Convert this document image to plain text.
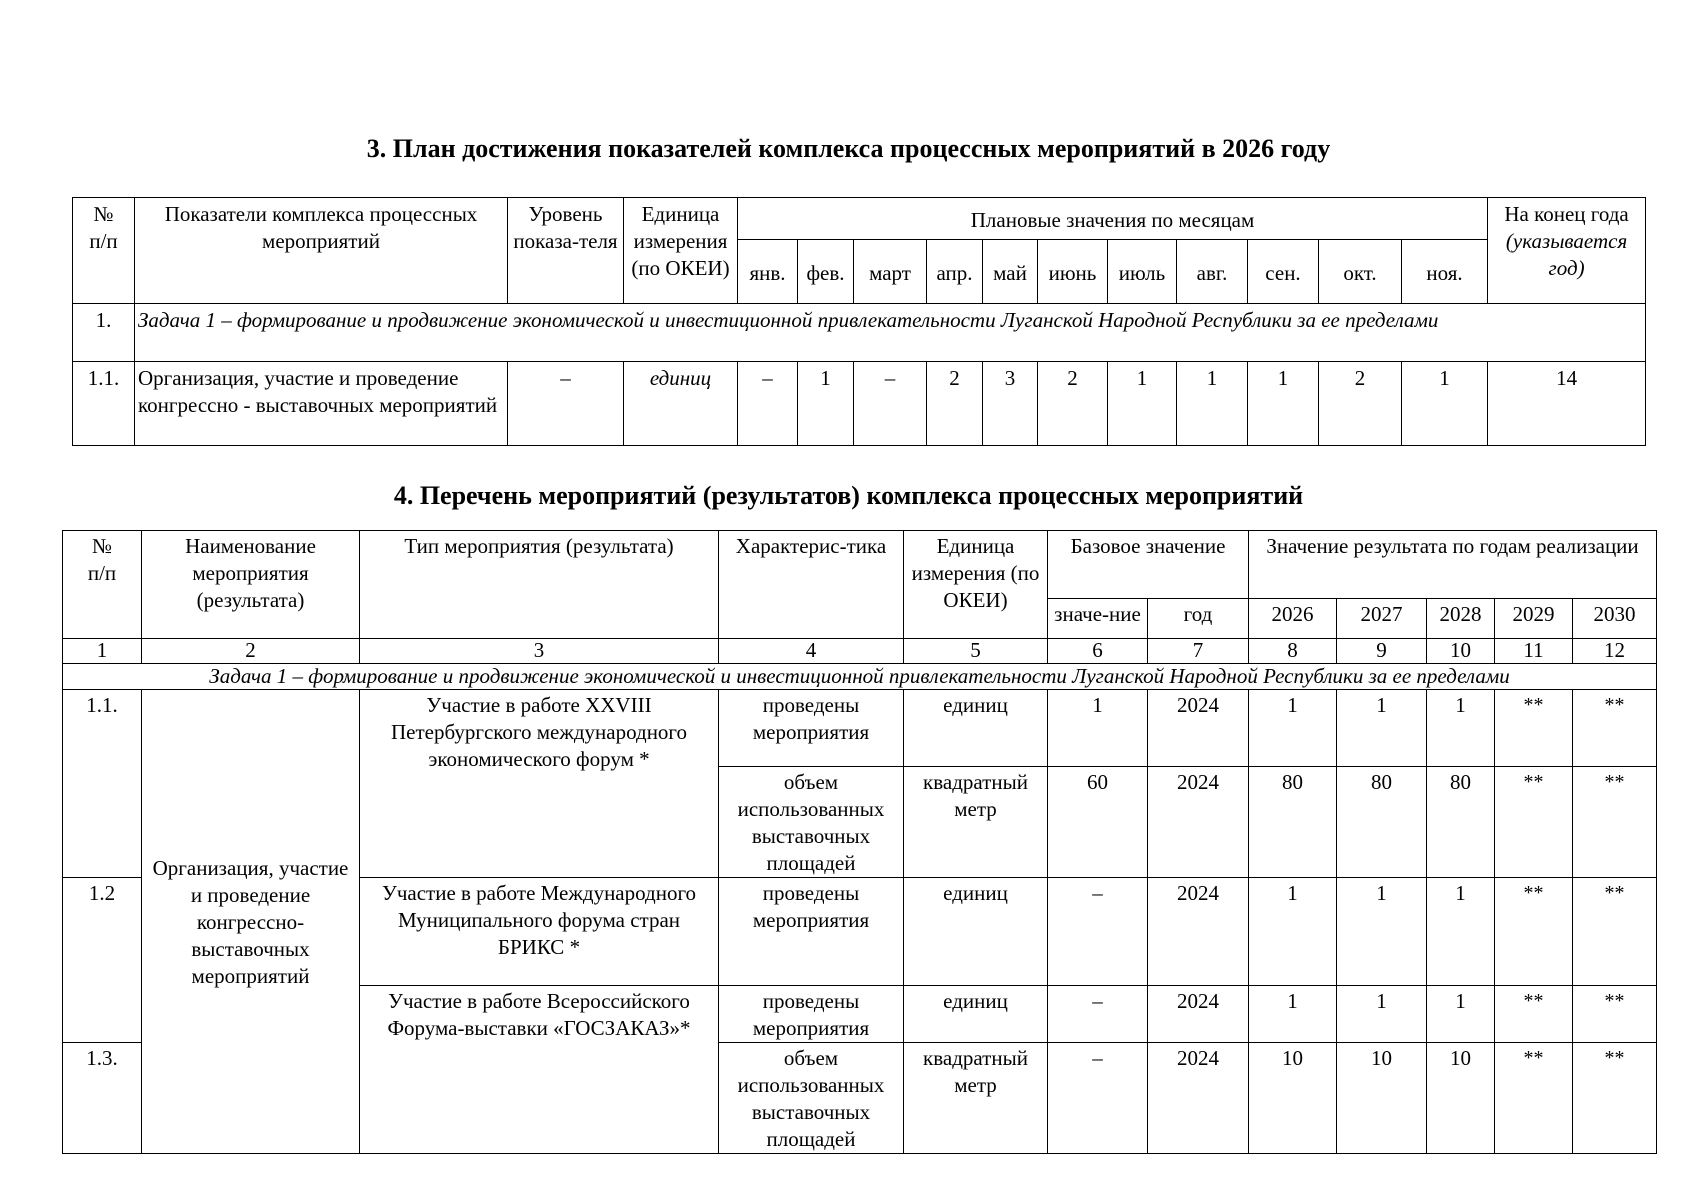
3. План достижения показателей комплекса процессных мероприятий в 2026 году
№
п/п	Показатели комплекса процессных мероприятий	Уровень показа-теля	Единица измерения (по ОКЕИ)	Плановые значения по месяцам											На конец года
(указывается год)
				янв.	фев.	март	апр.	май	июнь	июль	авг.	сен.	окт.	ноя.	
1.	Задача 1 – формирование и продвижение экономической и инвестиционной привлекательности Луганской Народной Республики за ее пределами														
1.1.	Организация, участие и проведение конгрессно - выставочных мероприятий	–	единиц	–	1	–	2	3	2	1	1	1	2	1	14
4. Перечень мероприятий (результатов) комплекса процессных мероприятий
№
п/п	Наименование мероприятия (результата)	Тип мероприятия (результата)	Характерис-тика	Единица измерения (по ОКЕИ)	Базовое значение		Значение результата по годам реализации				
					значе-ние	год	2026	2027	2028	2029	2030
1	2	3	4	5	6	7	8	9	10	11	12
Задача 1 – формирование и продвижение экономической и инвестиционной привлекательности Луганской Народной Республики за ее пределами											
1.1.	Организация, участие и проведение конгрессно-выставочных мероприятий	Участие в работе XXVIII Петербургского международного экономического форум *	проведены мероприятия	единиц	1	2024	1	1	1	**	**
			объем использованных выставочных площадей	квадратный метр	60	2024	80	80	80	**	**
1.2		Участие в работе Международного Муниципального форума стран БРИКС *	проведены мероприятия	единиц	–	2024	1	1	1	**	**
		Участие в работе Всероссийского Форума-выставки «ГОСЗАКАЗ»*	проведены мероприятия	единиц	–	2024	1	1	1	**	**
1.3.			объем использованных выставочных площадей	квадратный метр	–	2024	10	10	10	**	**
